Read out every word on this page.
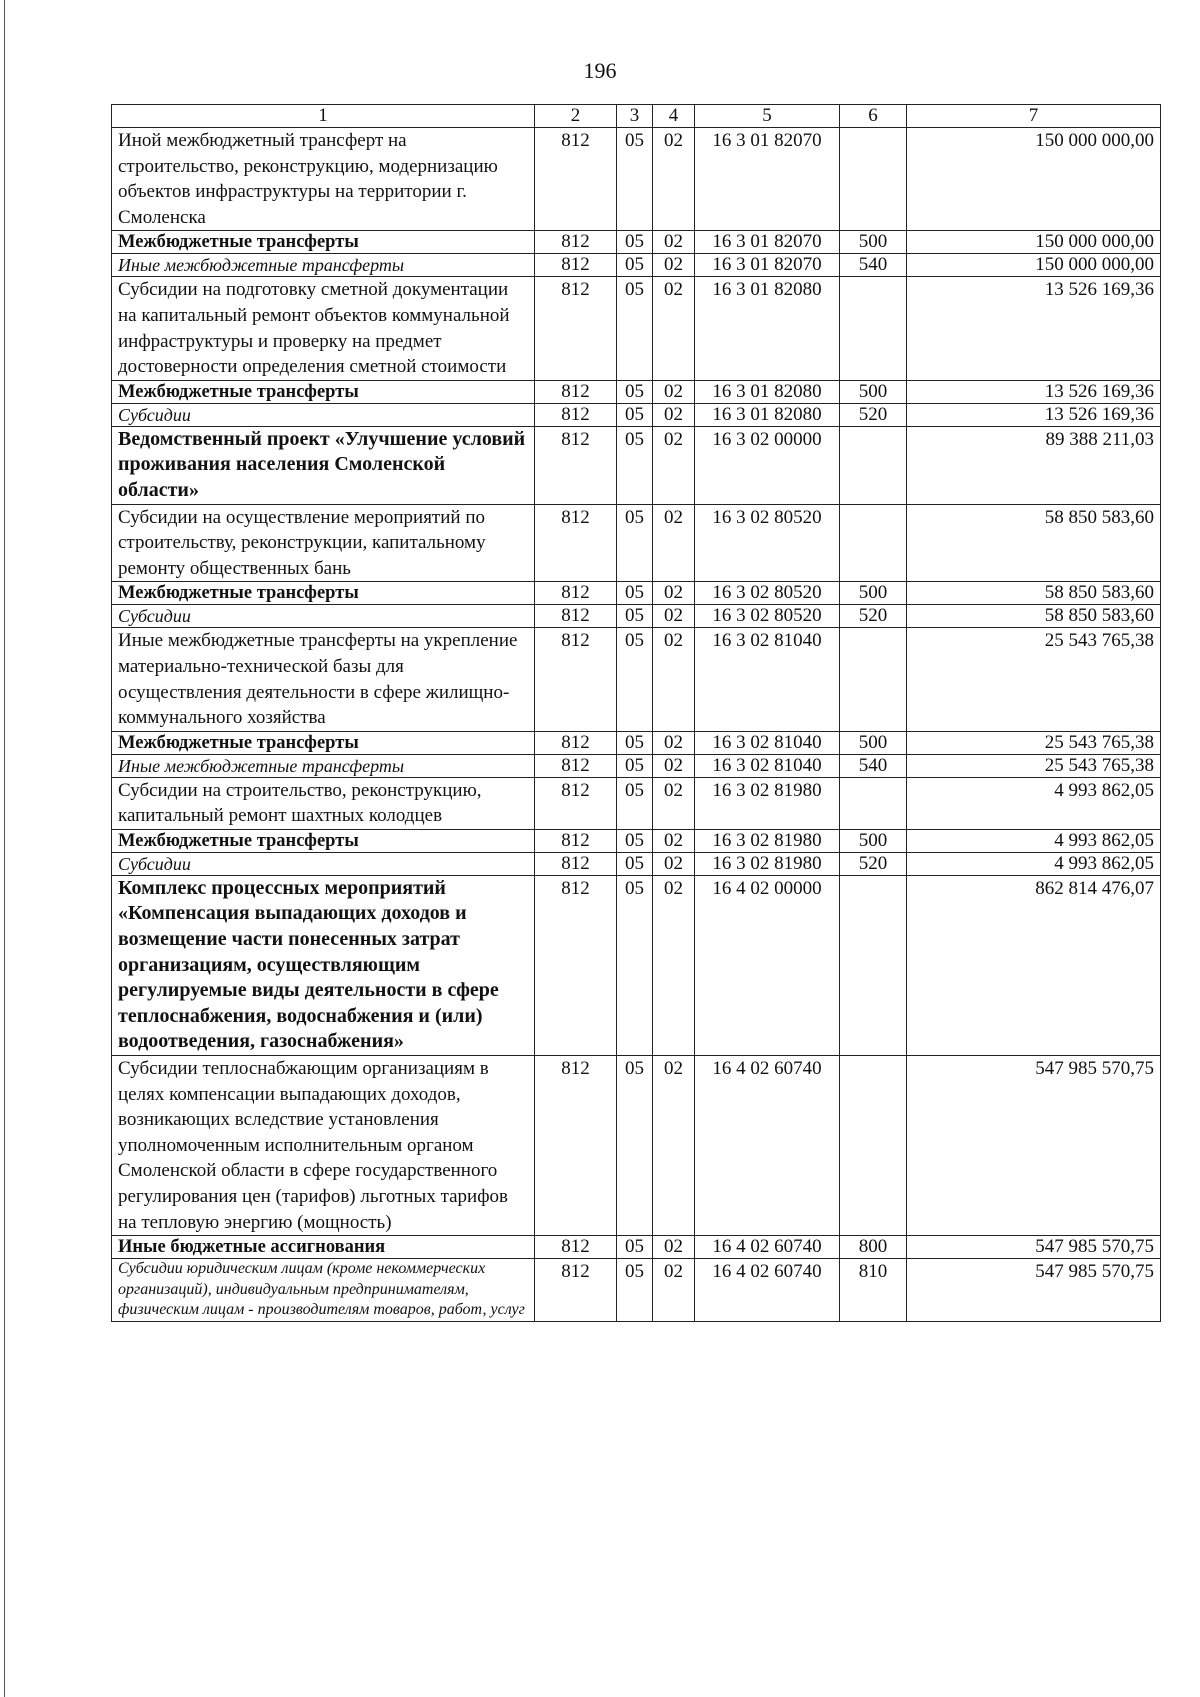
196
1	2	3	4	5	6	7
Иной межбюджетный трансферт на строительство, реконструкцию, модернизацию объектов инфраструктуры на территории г. Смоленска	812	05	02	16 3 01 82070		150 000 000,00
Межбюджетные трансферты	812	05	02	16 3 01 82070	500	150 000 000,00
Иные межбюджетные трансферты	812	05	02	16 3 01 82070	540	150 000 000,00
Субсидии на подготовку сметной документации на капитальный ремонт объектов коммунальной инфраструктуры и проверку на предмет достоверности определения сметной стоимости	812	05	02	16 3 01 82080		13 526 169,36
Межбюджетные трансферты	812	05	02	16 3 01 82080	500	13 526 169,36
Субсидии	812	05	02	16 3 01 82080	520	13 526 169,36
Ведомственный проект «Улучшение условий проживания населения Смоленской области»	812	05	02	16 3 02 00000		89 388 211,03
Субсидии на осуществление мероприятий по строительству, реконструкции, капитальному ремонту общественных бань	812	05	02	16 3 02 80520		58 850 583,60
Межбюджетные трансферты	812	05	02	16 3 02 80520	500	58 850 583,60
Субсидии	812	05	02	16 3 02 80520	520	58 850 583,60
Иные межбюджетные трансферты на укрепление материально-технической базы для осуществления деятельности в сфере жилищно-коммунального хозяйства	812	05	02	16 3 02 81040		25 543 765,38
Межбюджетные трансферты	812	05	02	16 3 02 81040	500	25 543 765,38
Иные межбюджетные трансферты	812	05	02	16 3 02 81040	540	25 543 765,38
Субсидии на строительство, реконструкцию, капитальный ремонт шахтных колодцев	812	05	02	16 3 02 81980		4 993 862,05
Межбюджетные трансферты	812	05	02	16 3 02 81980	500	4 993 862,05
Субсидии	812	05	02	16 3 02 81980	520	4 993 862,05
Комплекс процессных мероприятий «Компенсация выпадающих доходов и возмещение части понесенных затрат организациям, осуществляющим регулируемые виды деятельности в сфере теплоснабжения, водоснабжения и (или) водоотведения, газоснабжения»	812	05	02	16 4 02 00000		862 814 476,07
Субсидии теплоснабжающим организациям в целях компенсации выпадающих доходов, возникающих вследствие установления уполномоченным исполнительным органом Смоленской области в сфере государственного регулирования цен (тарифов) льготных тарифов на тепловую энергию (мощность)	812	05	02	16 4 02 60740		547 985 570,75
Иные бюджетные ассигнования	812	05	02	16 4 02 60740	800	547 985 570,75
Субсидии юридическим лицам (кроме некоммерческих организаций), индивидуальным предпринимателям, физическим лицам - производителям товаров, работ, услуг	812	05	02	16 4 02 60740	810	547 985 570,75
